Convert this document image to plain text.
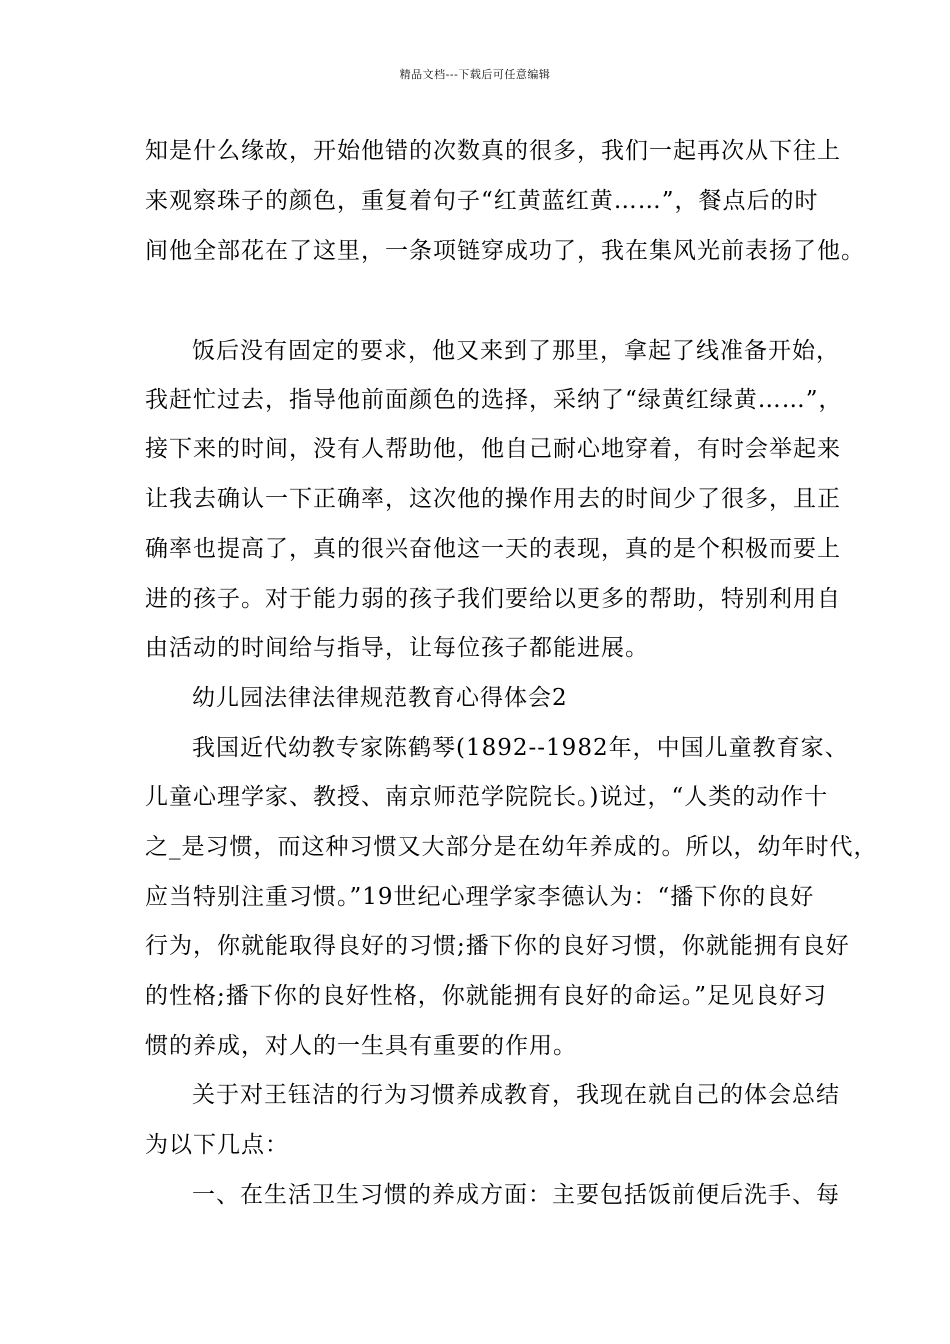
精品文档---下载后可任意编辑
知是什么缘故，开始他错的次数真的很多，我们一起再次从下往上
来观察珠子的颜色，重复着句子“红黄蓝红黄……”，餐点后的时
间他全部花在了这里，一条项链穿成功了，我在集风光前表扬了他。
饭后没有固定的要求，他又来到了那里，拿起了线准备开始，
我赶忙过去，指导他前面颜色的选择，采纳了“绿黄红绿黄……”，
接下来的时间，没有人帮助他，他自己耐心地穿着，有时会举起来
让我去确认一下正确率，这次他的操作用去的时间少了很多，且正
确率也提高了，真的很兴奋他这一天的表现，真的是个积极而要上
进的孩子。对于能力弱的孩子我们要给以更多的帮助，特别利用自
由活动的时间给与指导，让每位孩子都能进展。
幼儿园法律法律规范教育心得体会2
我国近代幼教专家陈鹤琴(1892--1982年，中国儿童教育家、
儿童心理学家、教授、南京师范学院院长。)说过，“人类的动作十
之_是习惯，而这种习惯又大部分是在幼年养成的。所以，幼年时代，
应当特别注重习惯。”19世纪心理学家李德认为：“播下你的良好
行为，你就能取得良好的习惯;播下你的良好习惯，你就能拥有良好
的性格;播下你的良好性格，你就能拥有良好的命运。”足见良好习
惯的养成，对人的一生具有重要的作用。
关于对王钰洁的行为习惯养成教育，我现在就自己的体会总结
为以下几点：
一、在生活卫生习惯的养成方面：主要包括饭前便后洗手、每
